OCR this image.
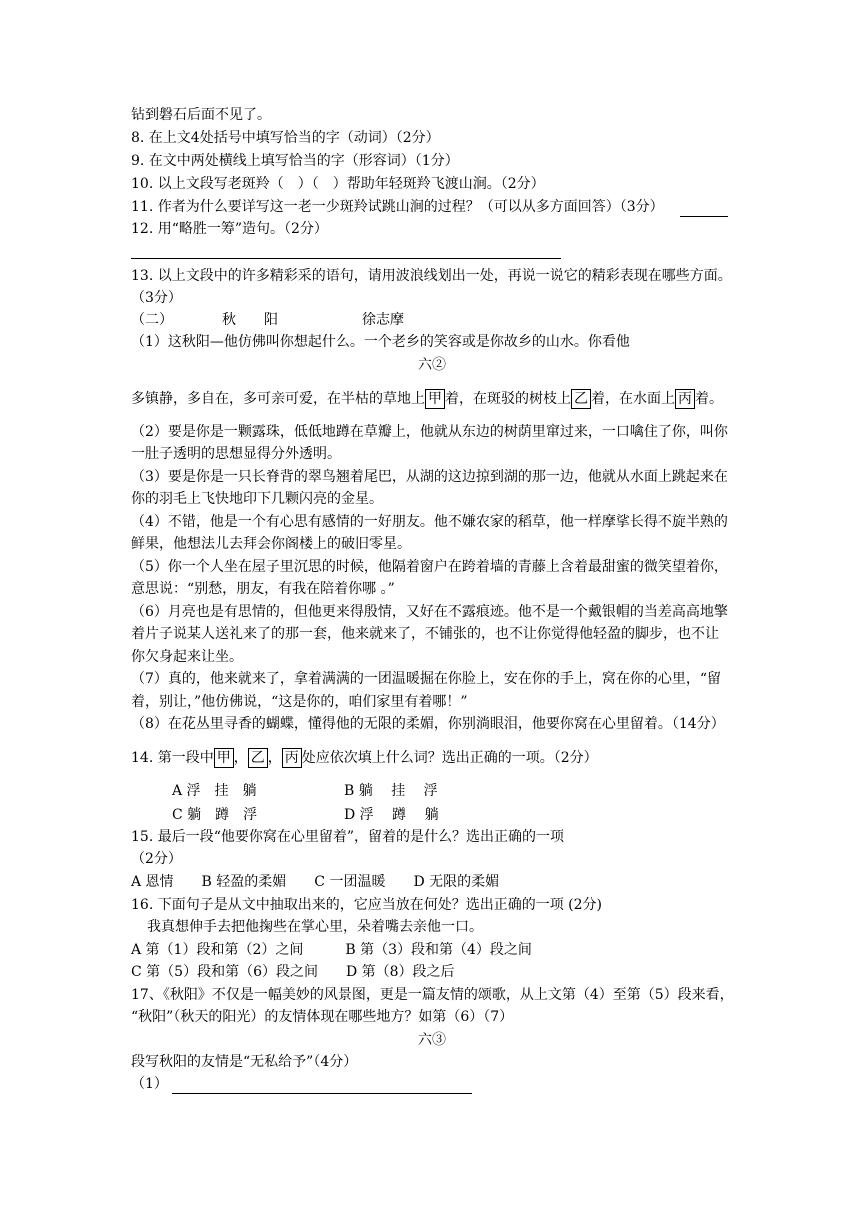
钻到磐石后面不见了。
8. 在上文4处括号中填写恰当的字（动词）（2分）
9. 在文中两处横线上填写恰当的字（形容词）（1分）
10. 以上文段写老斑羚（　）（　）帮助年轻斑羚飞渡山涧。（2分）
11. 作者为什么要详写这一老一少斑羚试跳山涧的过程？（可以从多方面回答）（3分）
12. 用“略胜一筹”造句。（2分）
13. 以上文段中的许多精彩采的语句，请用波浪线划出一处，再说一说它的精彩表现在哪些方面。
（3分）
（二）　　　　秋　　阳　　　　　　徐志摩
（1）这秋阳—他仿佛叫你想起什么。一个老乡的笑容或是你故乡的山水。你看他
六②
多镇静，多自在，多可亲可爱，在半枯的草地上 甲 着，在斑驳的树枝上 乙 着，在水面上 丙 着。
（2）要是你是一颗露珠，低低地蹲在草瓣上，他就从东边的树荫里窜过来，一口噙住了你，叫你
一肚子透明的思想显得分外透明。
（3）要是你是一只长脊背的翠鸟翘着尾巴，从湖的这边掠到湖的那一边，他就从水面上跳起来在
你的羽毛上飞快地印下几颗闪亮的金星。
（4）不错，他是一个有心思有感情的一好朋友。他不嫌农家的稻草，他一样摩挲长得不旋半熟的
鲜果，他想法儿去拜会你阁楼上的破旧零星。
（5）你一个人坐在屋子里沉思的时候，他隔着窗户在跨着墙的青藤上含着最甜蜜的微笑望着你，
意思说：“别愁，朋友，有我在陪着你哪 。”
（6）月亮也是有思情的，但他更来得殷情，又好在不露痕迹。他不是一个戴银帽的当差高高地擎
着片子说某人送礼来了的那一套，他来就来了，不铺张的，也不让你觉得他轻盈的脚步，也不让
你欠身起来让坐。
（7）真的，他来就来了，拿着满满的一团温暖掘在你脸上，安在你的手上，窝在你的心里，“留
着，别让，”他仿佛说，“这是你的，咱们家里有着哪！”
（8）在花丛里寻香的蝴蝶，懂得他的无限的柔媚，你别淌眼泪，他要你窝在心里留着。（14分）
14. 第一段中 甲 ， 乙 ， 丙 处应依次填上什么词？选出正确的一项。（2分）
A 浮　挂　躺	B 躺　 挂　 浮
C 躺　蹲　浮	D 浮　 蹲　 躺
15. 最后一段“他要你窝在心里留着”，留着的是什么？选出正确的一项
（2分）
A 恩情　　B 轻盈的柔媚　　C 一团温暖　　D 无限的柔媚
16. 下面句子是从文中抽取出来的，它应当放在何处？选出正确的一项 (2分)
我真想伸手去把他掬些在掌心里，朵着嘴去亲他一口。
A 第（1）段和第（2）之间　　　B 第（3）段和第（4）段之间
C 第（5）段和第（6）段之间　　D 第（8）段之后
17、《秋阳》不仅是一幅美妙的风景图，更是一篇友情的颂歌，从上文第（4）至第（5）段来看，
“秋阳”（秋天的阳光）的友情体现在哪些地方？如第（6）（7）
六③
段写秋阳的友情是“无私给予”（4分）
（1）
